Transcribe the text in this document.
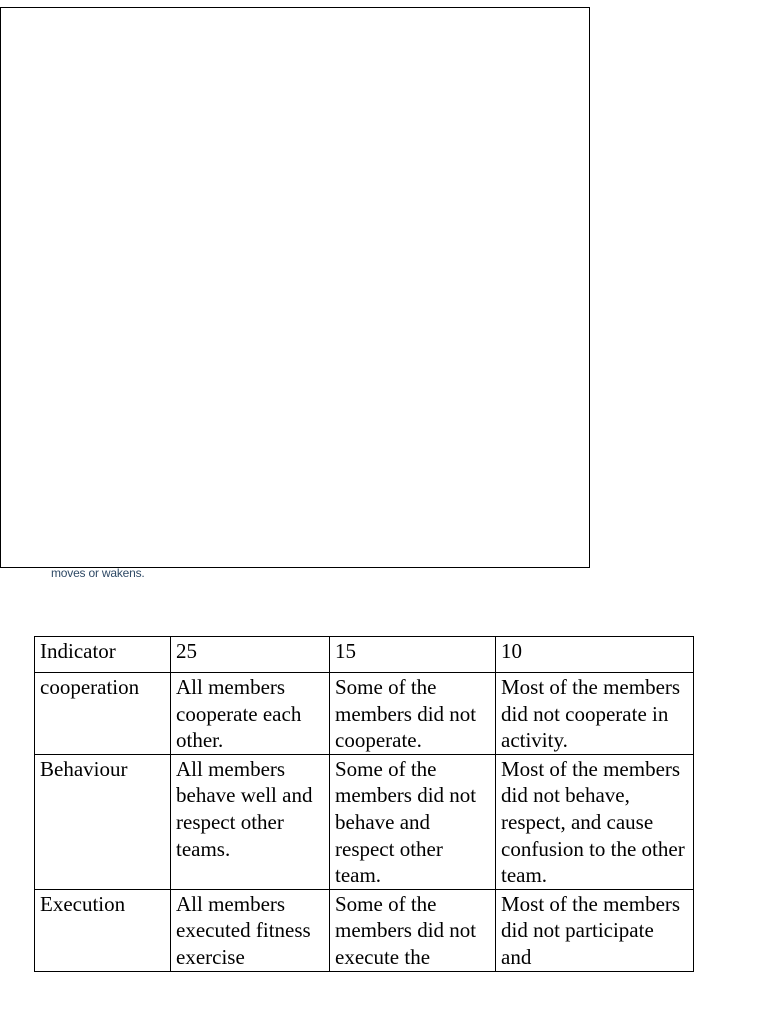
moves or wakens.
Indicator	25	15	10
cooperation	All members cooperate each other.	Some of the members did not cooperate.	Most of the members did not cooperate in activity.
Behaviour	All members behave well and respect other teams.	Some of the members did not behave and respect other team.	Most of the members did not behave, respect, and cause confusion to the other team.
Execution	All members executed fitness exercise	Some of the members did not execute the	Most of the members did not participate and
